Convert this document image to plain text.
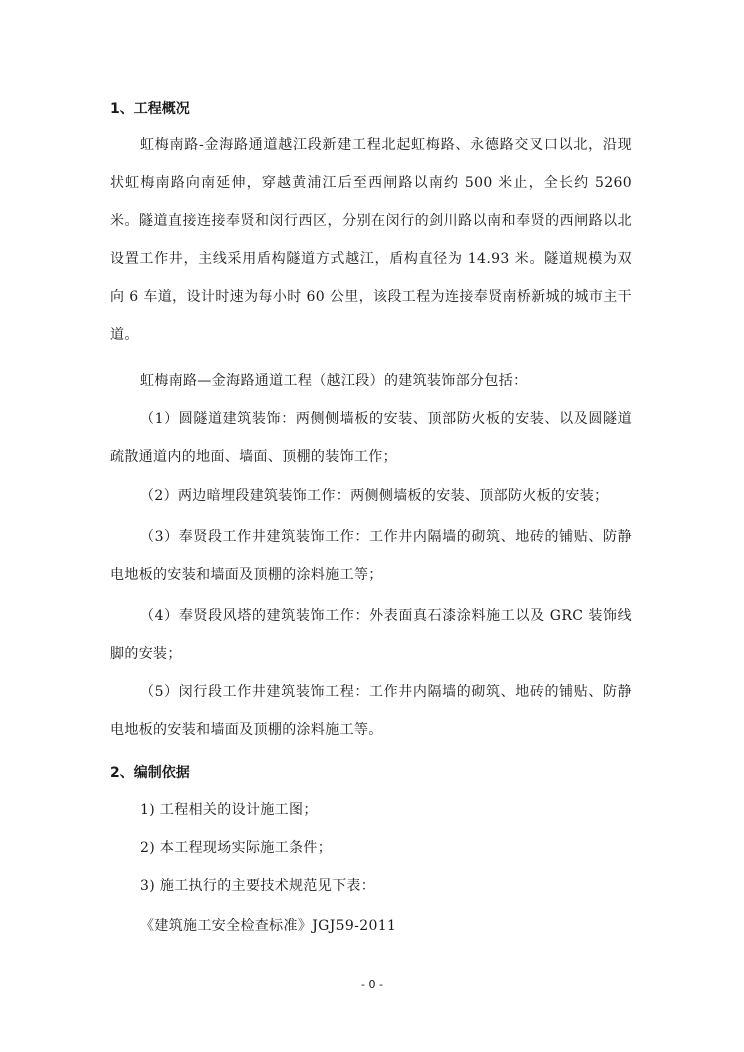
1、工程概况

虹梅南路-金海路通道越江段新建工程北起虹梅路、永德路交叉口以北，沿现状虹梅南路向南延伸，穿越黄浦江后至西闸路以南约 500 米止，全长约 5260 米。隧道直接连接奉贤和闵行西区，分别在闵行的剑川路以南和奉贤的西闸路以北设置工作井，主线采用盾构隧道方式越江，盾构直径为 14.93 米。隧道规模为双向 6 车道，设计时速为每小时 60 公里，该段工程为连接奉贤南桥新城的城市主干道。

虹梅南路—金海路通道工程（越江段）的建筑装饰部分包括：

（1）圆隧道建筑装饰：两侧侧墙板的安装、顶部防火板的安装、以及圆隧道疏散通道内的地面、墙面、顶棚的装饰工作；

（2）两边暗埋段建筑装饰工作：两侧侧墙板的安装、顶部防火板的安装；

（3）奉贤段工作井建筑装饰工作：工作井内隔墙的砌筑、地砖的铺贴、防静电地板的安装和墙面及顶棚的涂料施工等；

（4）奉贤段风塔的建筑装饰工作：外表面真石漆涂料施工以及 GRC 装饰线脚的安装；

（5）闵行段工作井建筑装饰工程：工作井内隔墙的砌筑、地砖的铺贴、防静电地板的安装和墙面及顶棚的涂料施工等。

2、编制依据

1) 工程相关的设计施工图；

2) 本工程现场实际施工条件；

3) 施工执行的主要技术规范见下表：

《建筑施工安全检查标准》JGJ59-2011

- 0 -
